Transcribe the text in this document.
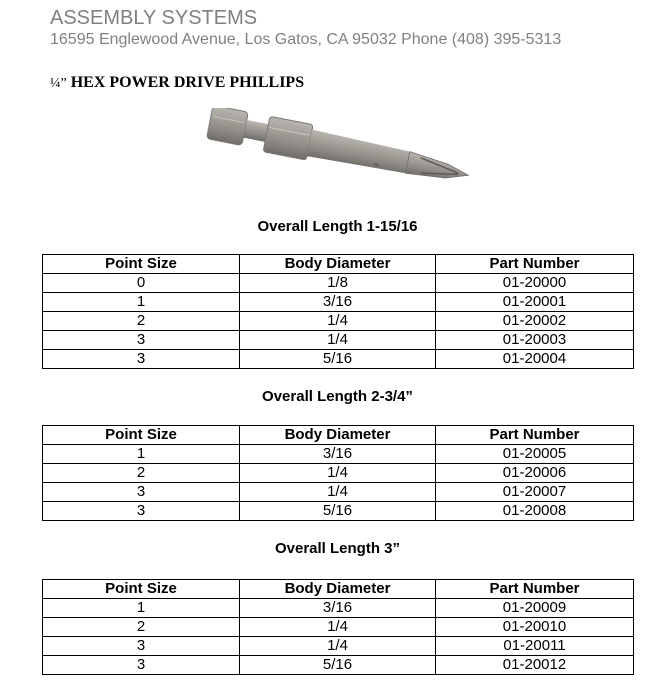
ASSEMBLY SYSTEMS
16595 Englewood Avenue, Los Gatos, CA 95032 Phone (408) 395-5313
¼” HEX POWER DRIVE PHILLIPS
Overall Length 1-15/16
Point Size	Body Diameter	Part Number
0	1/8	01-20000
1	3/16	01-20001
2	1/4	01-20002
3	1/4	01-20003
3	5/16	01-20004
Overall Length 2-3/4”
Point Size	Body Diameter	Part Number
1	3/16	01-20005
2	1/4	01-20006
3	1/4	01-20007
3	5/16	01-20008
Overall Length 3”
Point Size	Body Diameter	Part Number
1	3/16	01-20009
2	1/4	01-20010
3	1/4	01-20011
3	5/16	01-20012
